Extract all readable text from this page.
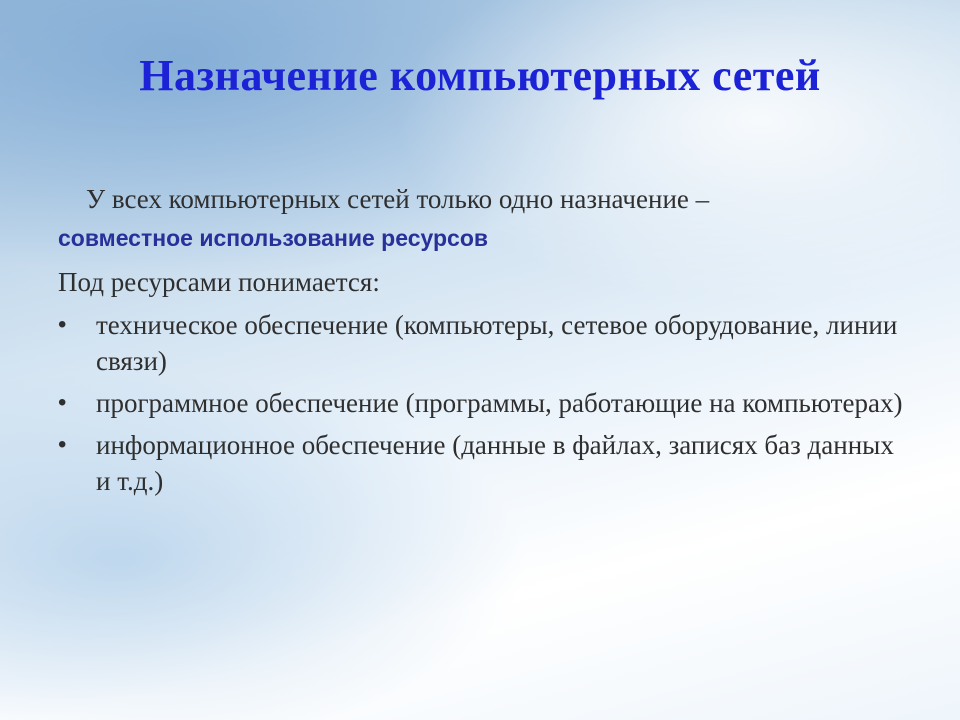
Назначение компьютерных сетей

У всех компьютерных сетей только одно назначение –
совместное использование ресурсов

Под ресурсами понимается:

• техническое обеспечение (компьютеры, сетевое оборудование, линии связи)
• программное обеспечение (программы, работающие на компьютерах)
• информационное обеспечение (данные в файлах, записях баз данных и т.д.)
